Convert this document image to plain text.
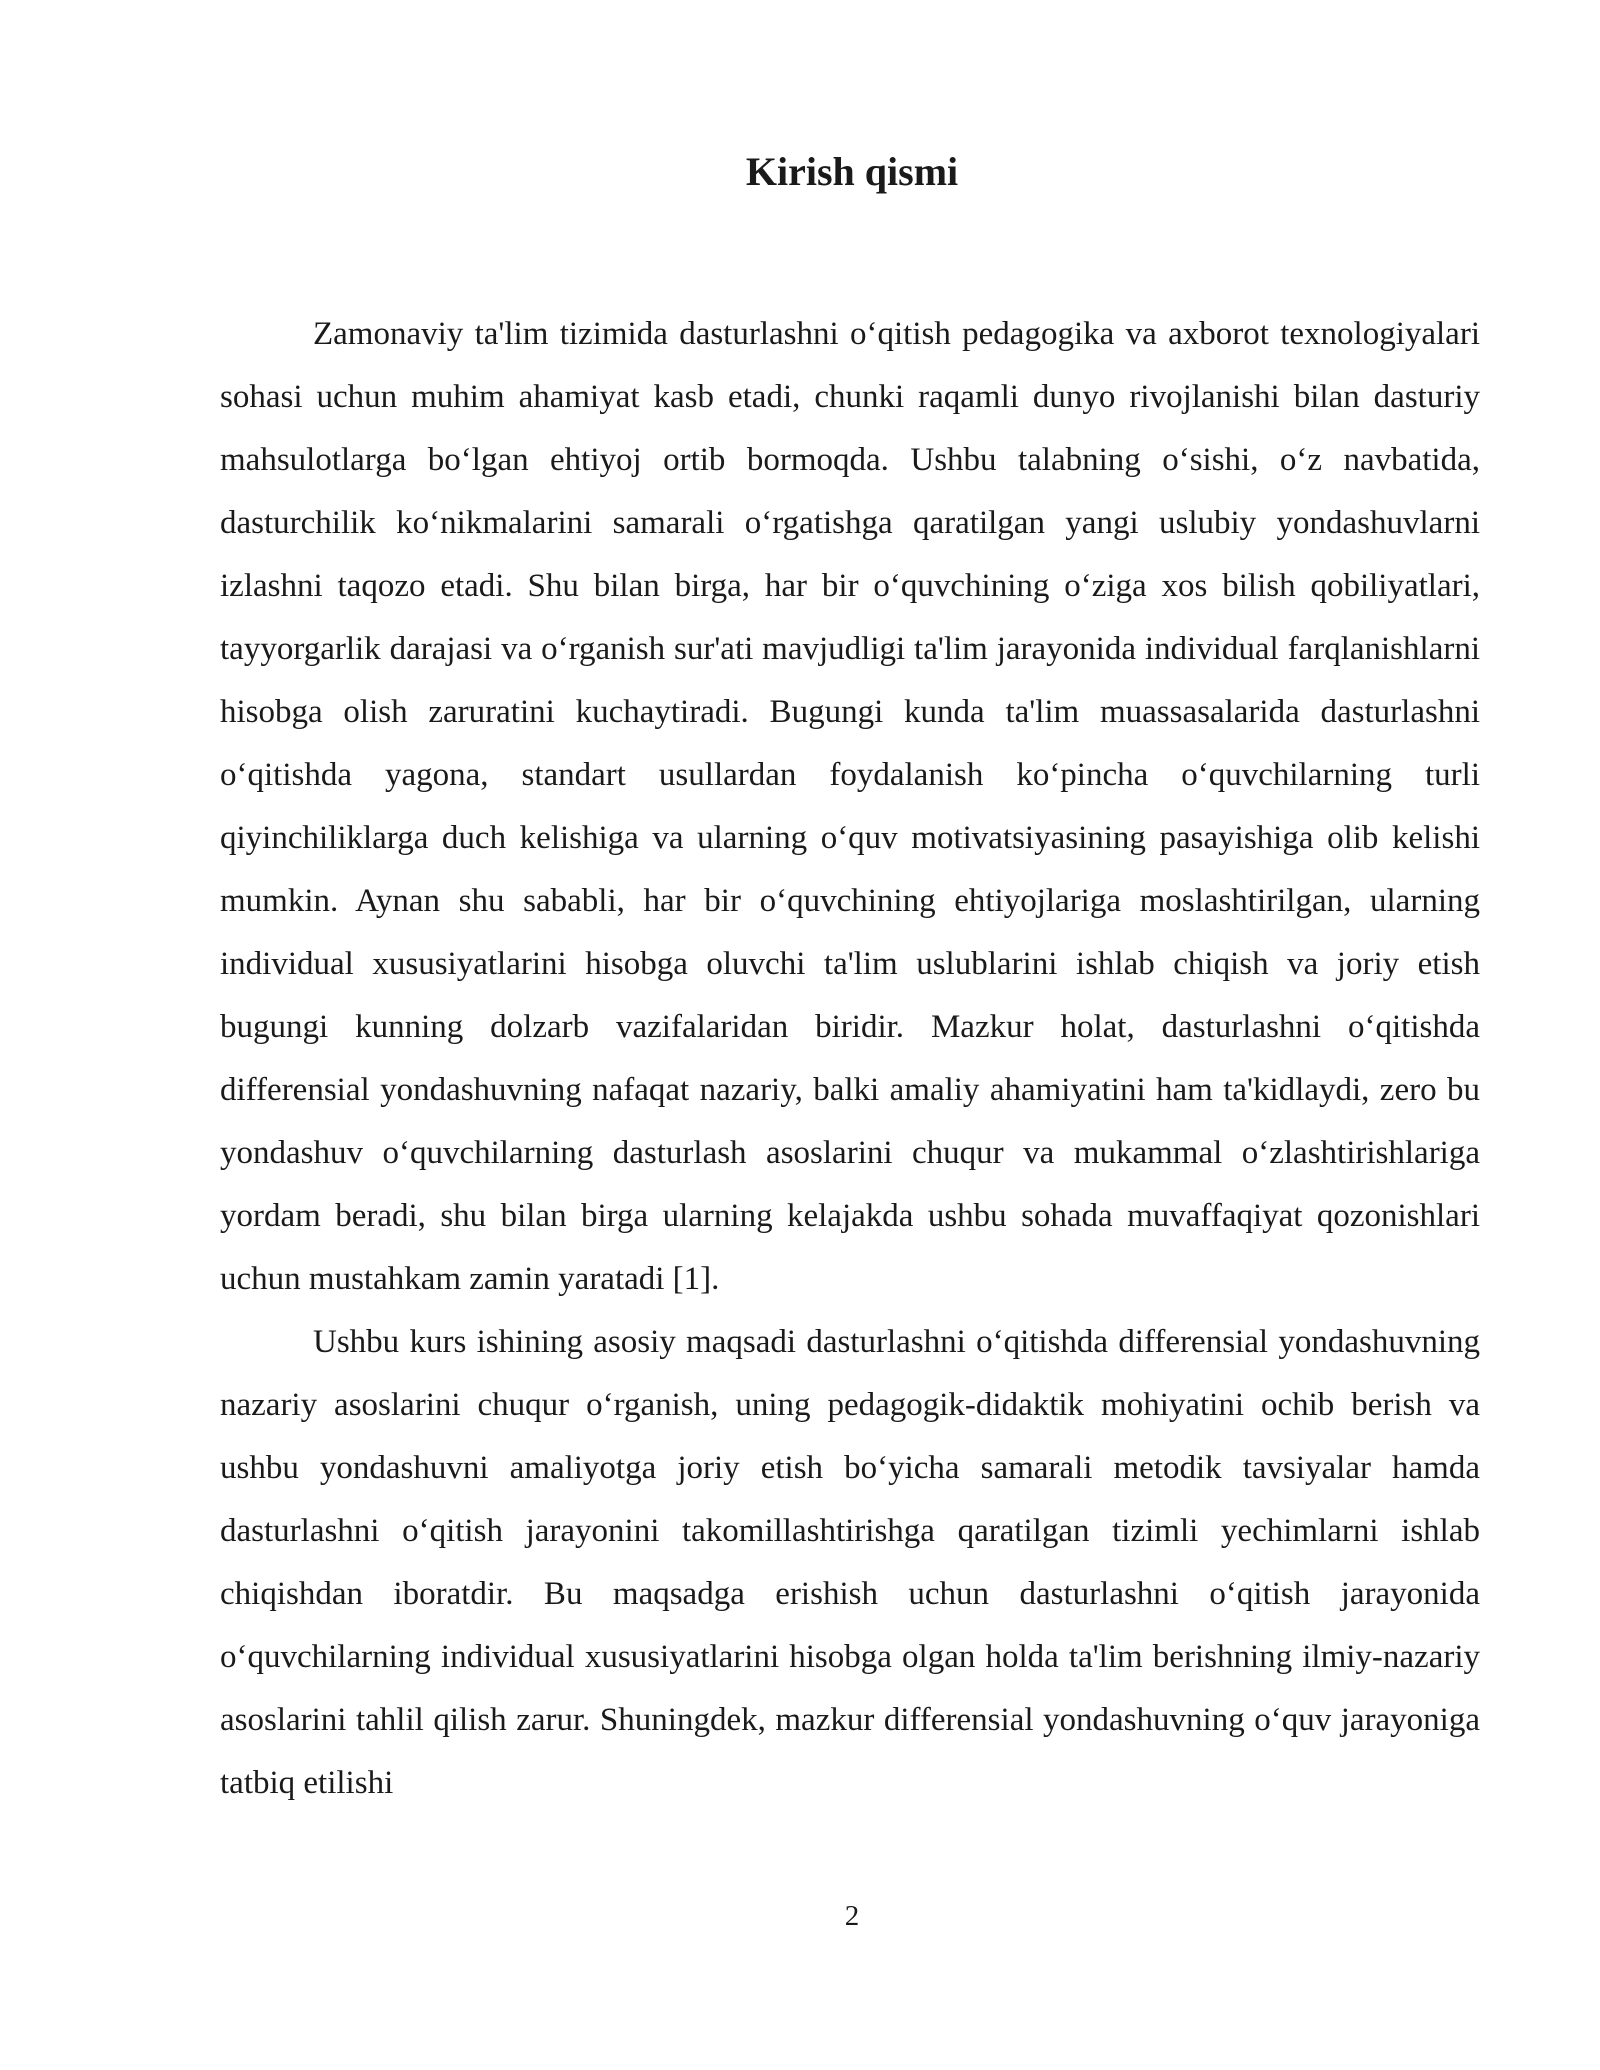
Kirish qismi

Zamonaviy ta'lim tizimida dasturlashni o‘qitish pedagogika va axborot texnologiyalari sohasi uchun muhim ahamiyat kasb etadi, chunki raqamli dunyo rivojlanishi bilan dasturiy mahsulotlarga bo‘lgan ehtiyoj ortib bormoqda. Ushbu talabning o‘sishi, o‘z navbatida, dasturchilik ko‘nikmalarini samarali o‘rgatishga qaratilgan yangi uslubiy yondashuvlarni izlashni taqozo etadi. Shu bilan birga, har bir o‘quvchining o‘ziga xos bilish qobiliyatlari, tayyorgarlik darajasi va o‘rganish sur'ati mavjudligi ta'lim jarayonida individual farqlanishlarni hisobga olish zaruratini kuchaytiradi. Bugungi kunda ta'lim muassasalarida dasturlashni o‘qitishda yagona, standart usullardan foydalanish ko‘pincha o‘quvchilarning turli qiyinchiliklarga duch kelishiga va ularning o‘quv motivatsiyasining pasayishiga olib kelishi mumkin. Aynan shu sababli, har bir o‘quvchining ehtiyojlariga moslashtirilgan, ularning individual xususiyatlarini hisobga oluvchi ta'lim uslublarini ishlab chiqish va joriy etish bugungi kunning dolzarb vazifalaridan biridir. Mazkur holat, dasturlashni o‘qitishda differensial yondashuvning nafaqat nazariy, balki amaliy ahamiyatini ham ta'kidlaydi, zero bu yondashuv o‘quvchilarning dasturlash asoslarini chuqur va mukammal o‘zlashtirishlariga yordam beradi, shu bilan birga ularning kelajakda ushbu sohada muvaffaqiyat qozonishlari uchun mustahkam zamin yaratadi [1].

Ushbu kurs ishining asosiy maqsadi dasturlashni o‘qitishda differensial yondashuvning nazariy asoslarini chuqur o‘rganish, uning pedagogik-didaktik mohiyatini ochib berish va ushbu yondashuvni amaliyotga joriy etish bo‘yicha samarali metodik tavsiyalar hamda dasturlashni o‘qitish jarayonini takomillashtirishga qaratilgan tizimli yechimlarni ishlab chiqishdan iboratdir. Bu maqsadga erishish uchun dasturlashni o‘qitish jarayonida o‘quvchilarning individual xususiyatlarini hisobga olgan holda ta'lim berishning ilmiy-nazariy asoslarini tahlil qilish zarur. Shuningdek, mazkur differensial yondashuvning o‘quv jarayoniga tatbiq etilishi

2
